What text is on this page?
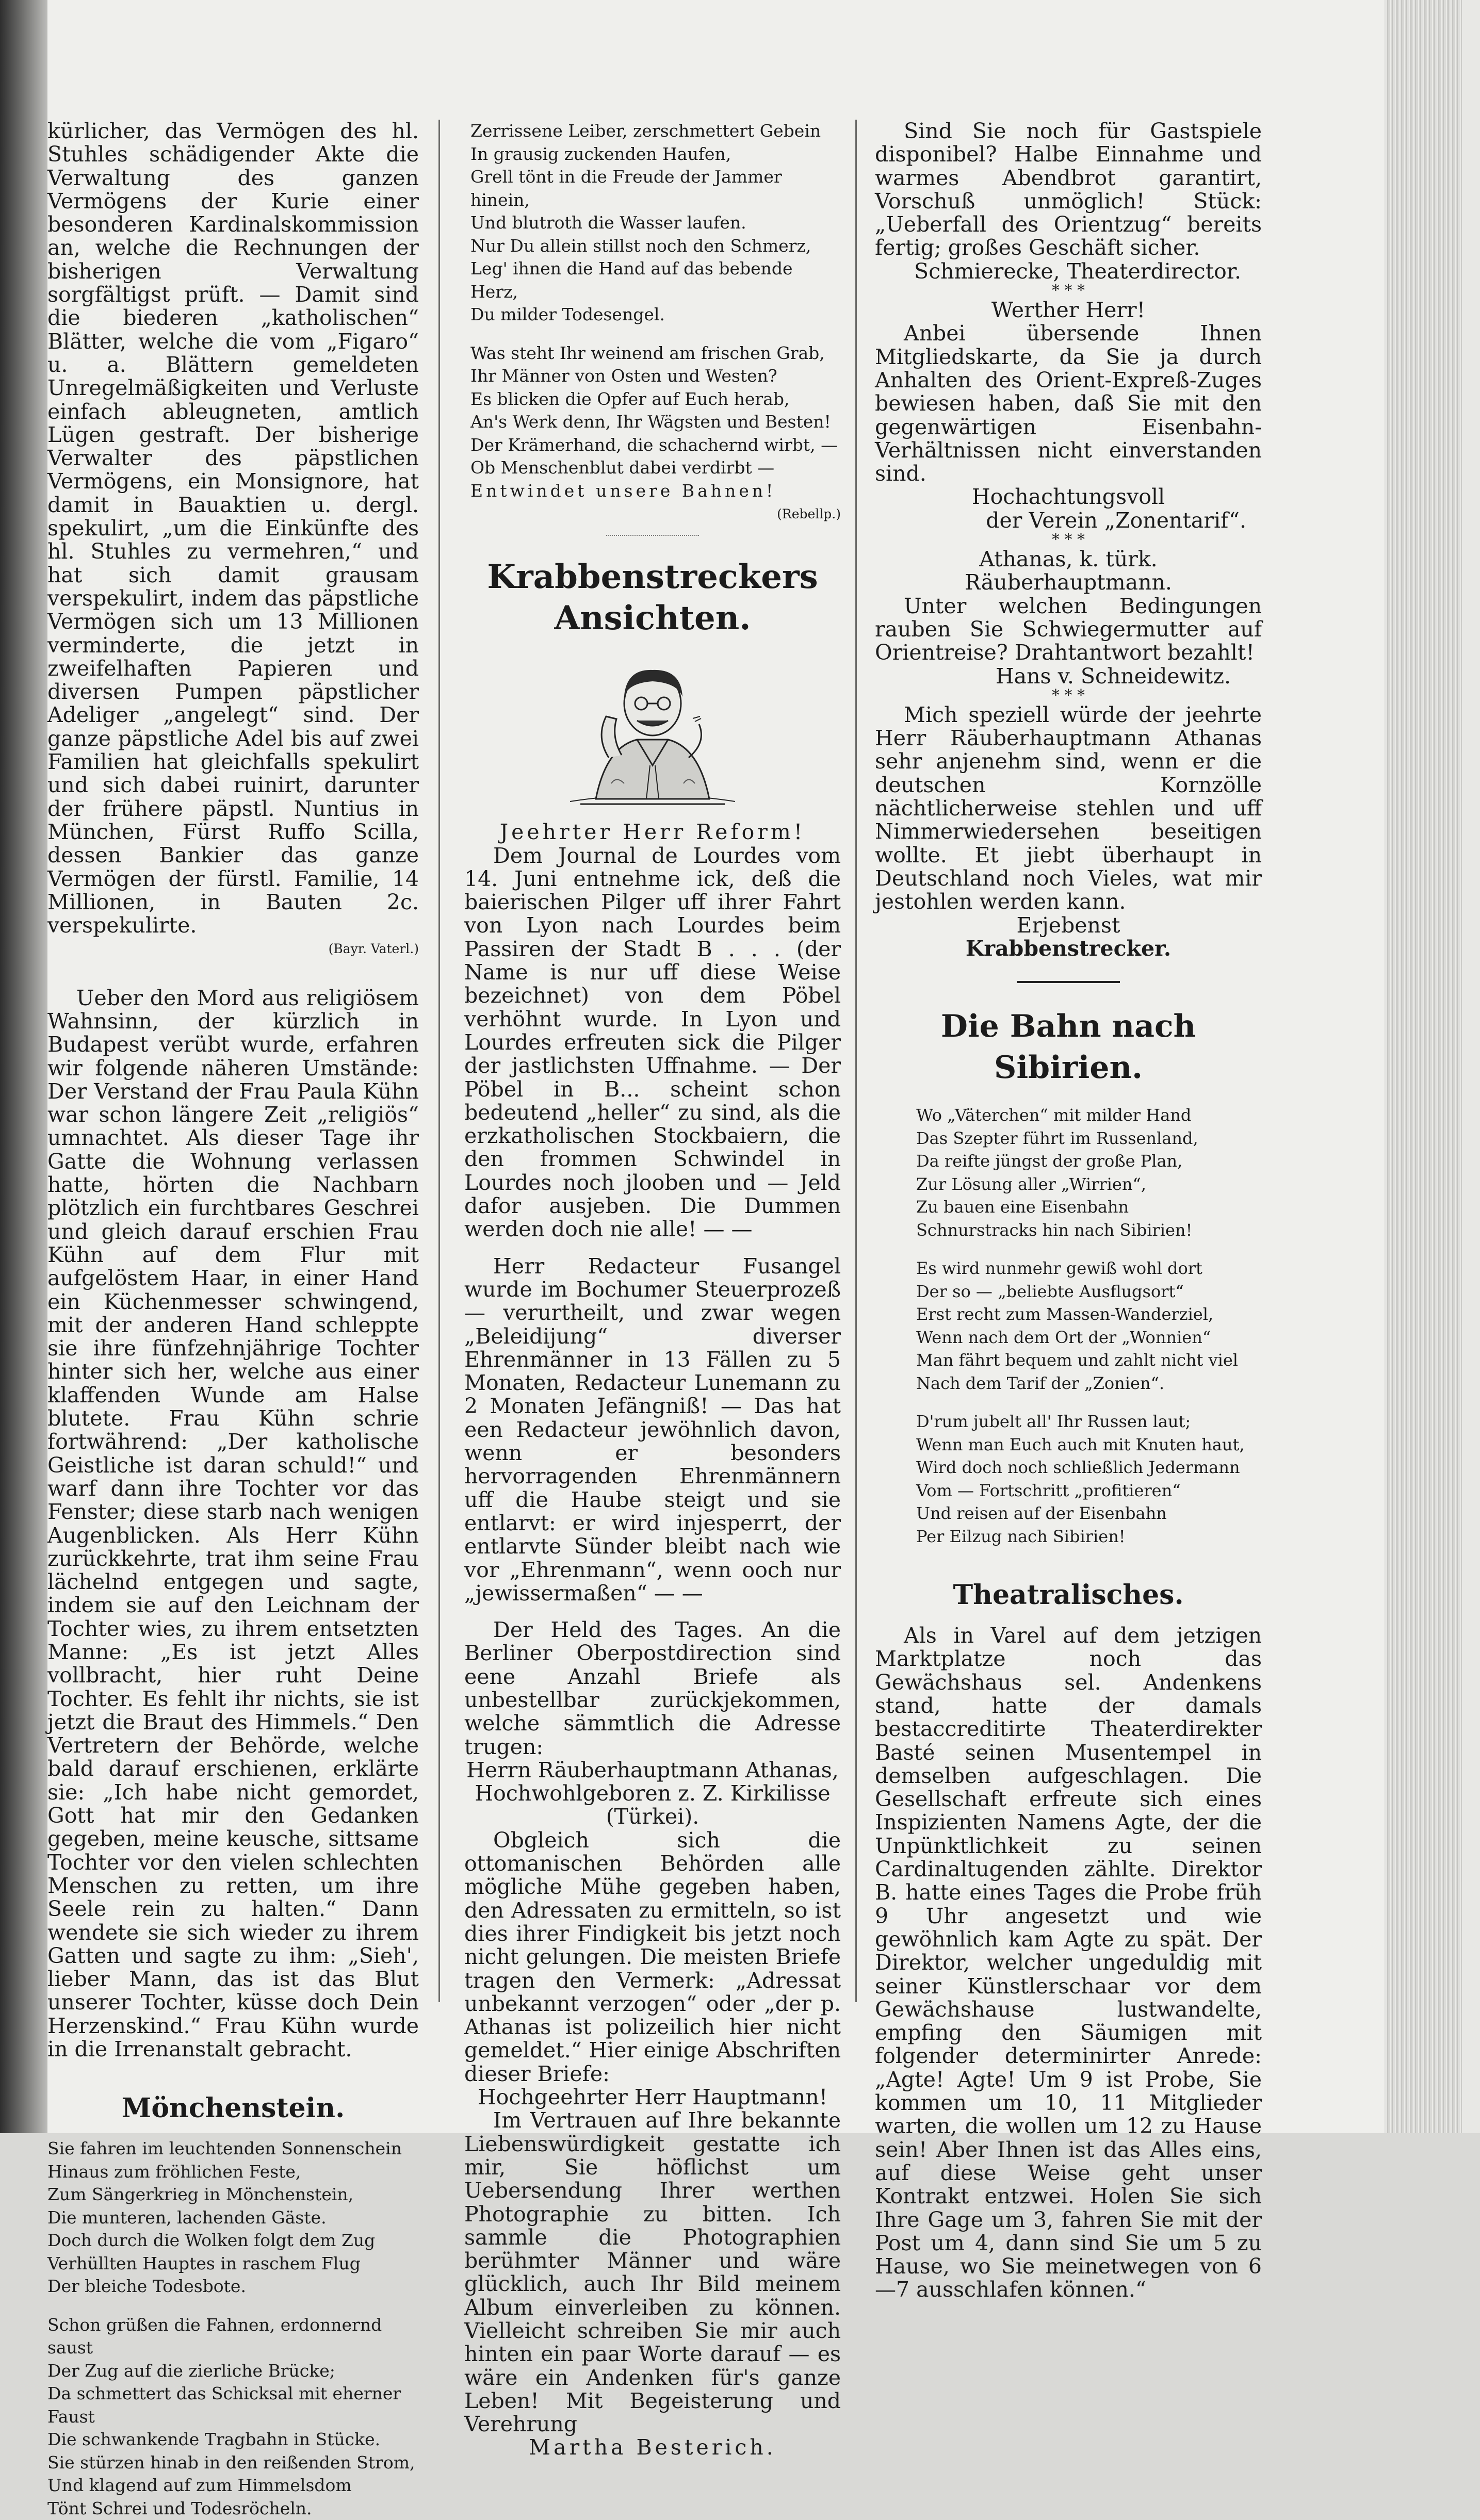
kürlicher, das Vermögen des hl. Stuhles schädigender Akte die Verwaltung des ganzen Vermögens der Kurie einer besonderen Kardinalskommission an, welche die Rechnungen der bisherigen Verwaltung sorgfältigst prüft. — Damit sind die biederen „katholischen“ Blätter, welche die vom „Figaro“ u. a. Blättern gemeldeten Unregelmäßigkeiten und Verluste einfach ableugneten, amtlich Lügen gestraft. Der bisherige Verwalter des päpstlichen Vermögens, ein Monsignore, hat damit in Bauaktien u. dergl. spekulirt, „um die Einkünfte des hl. Stuhles zu vermehren,“ und hat sich damit grausam verspekulirt, indem das päpstliche Vermögen sich um 13 Millionen verminderte, die jetzt in zweifelhaften Papieren und diversen Pumpen päpstlicher Adeliger „angelegt“ sind. Der ganze päpstliche Adel bis auf zwei Familien hat gleichfalls spekulirt und sich dabei ruinirt, darunter der frühere päpstl. Nuntius in München, Fürst Ruffo Scilla, dessen Bankier das ganze Vermögen der fürstl. Familie, 14 Millionen, in Bauten 2c. verspekulirte.

(Bayr. Vaterl.)

Ueber den Mord aus religiösem Wahnsinn, der kürzlich in Budapest verübt wurde, erfahren wir folgende näheren Umstände: Der Verstand der Frau Paula Kühn war schon längere Zeit „religiös“ umnachtet. Als dieser Tage ihr Gatte die Wohnung verlassen hatte, hörten die Nachbarn plötzlich ein furchtbares Geschrei und gleich darauf erschien Frau Kühn auf dem Flur mit aufgelöstem Haar, in einer Hand ein Küchenmesser schwingend, mit der anderen Hand schleppte sie ihre fünfzehnjährige Tochter hinter sich her, welche aus einer klaffenden Wunde am Halse blutete. Frau Kühn schrie fortwährend: „Der katholische Geistliche ist daran schuld!“ und warf dann ihre Tochter vor das Fenster; diese starb nach wenigen Augenblicken. Als Herr Kühn zurückkehrte, trat ihm seine Frau lächelnd entgegen und sagte, indem sie auf den Leichnam der Tochter wies, zu ihrem entsetzten Manne: „Es ist jetzt Alles vollbracht, hier ruht Deine Tochter. Es fehlt ihr nichts, sie ist jetzt die Braut des Himmels.“ Den Vertretern der Behörde, welche bald darauf erschienen, erklärte sie: „Ich habe nicht gemordet, Gott hat mir den Gedanken gegeben, meine keusche, sittsame Tochter vor den vielen schlechten Menschen zu retten, um ihre Seele rein zu halten.“ Dann wendete sie sich wieder zu ihrem Gatten und sagte zu ihm: „Sieh', lieber Mann, das ist das Blut unserer Tochter, küsse doch Dein Herzenskind.“ Frau Kühn wurde in die Irrenanstalt gebracht.

Mönchenstein.
Sie fahren im leuchtenden Sonnenschein
Hinaus zum fröhlichen Feste,
Zum Sängerkrieg in Mönchenstein,
Die munteren, lachenden Gäste.
Doch durch die Wolken folgt dem Zug
Verhüllten Hauptes in raschem Flug
Der bleiche Todesbote.
Schon grüßen die Fahnen, erdonnernd saust
Der Zug auf die zierliche Brücke;
Da schmettert das Schicksal mit eherner Faust
Die schwankende Tragbahn in Stücke.
Sie stürzen hinab in den reißenden Strom,
Und klagend auf zum Himmelsdom
Tönt Schrei und Todesröcheln.
Zerrissene Leiber, zerschmettert Gebein
In grausig zuckenden Haufen,
Grell tönt in die Freude der Jammer hinein,
Und blutroth die Wasser laufen.
Nur Du allein stillst noch den Schmerz,
Leg' ihnen die Hand auf das bebende Herz,
Du milder Todesengel.
Was steht Ihr weinend am frischen Grab,
Ihr Männer von Osten und Westen?
Es blicken die Opfer auf Euch herab,
An's Werk denn, Ihr Wägsten und Besten!
Der Krämerhand, die schachernd wirbt, —
Ob Menschenblut dabei verdirbt —
Entwindet unsere Bahnen!
(Rebellp.)
Krabbenstreckers Ansichten.
Jeehrter Herr Reform!

Dem Journal de Lourdes vom 14. Juni entnehme ick, deß die baierischen Pilger uff ihrer Fahrt von Lyon nach Lourdes beim Passiren der Stadt B . . . (der Name is nur uff diese Weise bezeichnet) von dem Pöbel verhöhnt wurde. In Lyon und Lourdes erfreuten sick die Pilger der jastlichsten Uffnahme. — Der Pöbel in B... scheint schon bedeutend „heller“ zu sind, als die erzkatholischen Stockbaiern, die den frommen Schwindel in Lourdes noch jlooben und — Jeld dafor ausjeben. Die Dummen werden doch nie alle! — —

Herr Redacteur Fusangel wurde im Bochumer Steuerprozeß — verurtheilt, und zwar wegen „Beleidijung“ diverser Ehrenmänner in 13 Fällen zu 5 Monaten, Redacteur Lunemann zu 2 Monaten Jefängniß! — Das hat een Redacteur jewöhnlich davon, wenn er besonders hervorragenden Ehrenmännern uff die Haube steigt und sie entlarvt: er wird injesperrt, der entlarvte Sünder bleibt nach wie vor „Ehrenmann“, wenn ooch nur „jewissermaßen“ — —

Der Held des Tages. An die Berliner Oberpostdirection sind eene Anzahl Briefe als unbestellbar zurückjekommen, welche sämmtlich die Adresse trugen:

Herrn Räuberhauptmann Athanas, Hochwohlgeboren z. Z. Kirkilisse (Türkei).

Obgleich sich die ottomanischen Behörden alle mögliche Mühe gegeben haben, den Adressaten zu ermitteln, so ist dies ihrer Findigkeit bis jetzt noch nicht gelungen. Die meisten Briefe tragen den Vermerk: „Adressat unbekannt verzogen“ oder „der p. Athanas ist polizeilich hier nicht gemeldet.“ Hier einige Abschriften dieser Briefe:

Hochgeehrter Herr Hauptmann!

Im Vertrauen auf Ihre bekannte Liebenswürdigkeit gestatte ich mir, Sie höflichst um Uebersendung Ihrer werthen Photographie zu bitten. Ich sammle die Photographien berühmter Männer und wäre glücklich, auch Ihr Bild meinem Album einverleiben zu können. Vielleicht schreiben Sie mir auch hinten ein paar Worte darauf — es wäre ein Andenken für's ganze Leben! Mit Begeisterung und Verehrung

Martha Besterich.

Sind Sie noch für Gastspiele disponibel? Halbe Einnahme und warmes Abendbrot garantirt, Vorschuß unmöglich! Stück: „Ueberfall des Orientzug“ bereits fertig; großes Geschäft sicher.

Schmierecke, Theaterdirector.

* * *

Werther Herr!

Anbei übersende Ihnen Mitgliedskarte, da Sie ja durch Anhalten des Orient-Expreß-Zuges bewiesen haben, daß Sie mit den gegenwärtigen Eisenbahn-Verhältnissen nicht einverstanden sind.

Hochachtungsvoll

der Verein „Zonentarif“.

* * *

Athanas, k. türk. Räuberhauptmann.

Unter welchen Bedingungen rauben Sie Schwiegermutter auf Orientreise? Drahtantwort bezahlt!

Hans v. Schneidewitz.

* * *

Mich speziell würde der jeehrte Herr Räuberhauptmann Athanas sehr anjenehm sind, wenn er die deutschen Kornzölle nächtlicherweise stehlen und uff Nimmerwiedersehen beseitigen wollte. Et jiebt überhaupt in Deutschland noch Vieles, wat mir jestohlen werden kann.

Erjebenst

Krabbenstrecker.

Die Bahn nach Sibirien.
Wo „Väterchen“ mit milder Hand
Das Szepter führt im Russenland,
Da reifte jüngst der große Plan,
Zur Lösung aller „Wirrien“,
Zu bauen eine Eisenbahn
Schnurstracks hin nach Sibirien!
Es wird nunmehr gewiß wohl dort
Der so — „beliebte Ausflugsort“
Erst recht zum Massen-Wanderziel,
Wenn nach dem Ort der „Wonnien“
Man fährt bequem und zahlt nicht viel
Nach dem Tarif der „Zonien“.
D'rum jubelt all' Ihr Russen laut;
Wenn man Euch auch mit Knuten haut,
Wird doch noch schließlich Jedermann
Vom — Fortschritt „profitieren“
Und reisen auf der Eisenbahn
Per Eilzug nach Sibirien!
Theatralisches.

Als in Varel auf dem jetzigen Marktplatze noch das Gewächshaus sel. Andenkens stand, hatte der damals bestaccreditirte Theaterdirekter Basté seinen Musentempel in demselben aufgeschlagen. Die Gesellschaft erfreute sich eines Inspizienten Namens Agte, der die Unpünktlichkeit zu seinen Cardinaltugenden zählte. Direktor B. hatte eines Tages die Probe früh 9 Uhr angesetzt und wie gewöhnlich kam Agte zu spät. Der Direktor, welcher ungeduldig mit seiner Künstlerschaar vor dem Gewächshause lustwandelte, empfing den Säumigen mit folgender determinirter Anrede: „Agte! Agte! Um 9 ist Probe, Sie kommen um 10, 11 Mitglieder warten, die wollen um 12 zu Hause sein! Aber Ihnen ist das Alles eins, auf diese Weise geht unser Kontrakt entzwei. Holen Sie sich Ihre Gage um 3, fahren Sie mit der Post um 4, dann sind Sie um 5 zu Hause, wo Sie meinetwegen von 6—7 ausschlafen können.“
